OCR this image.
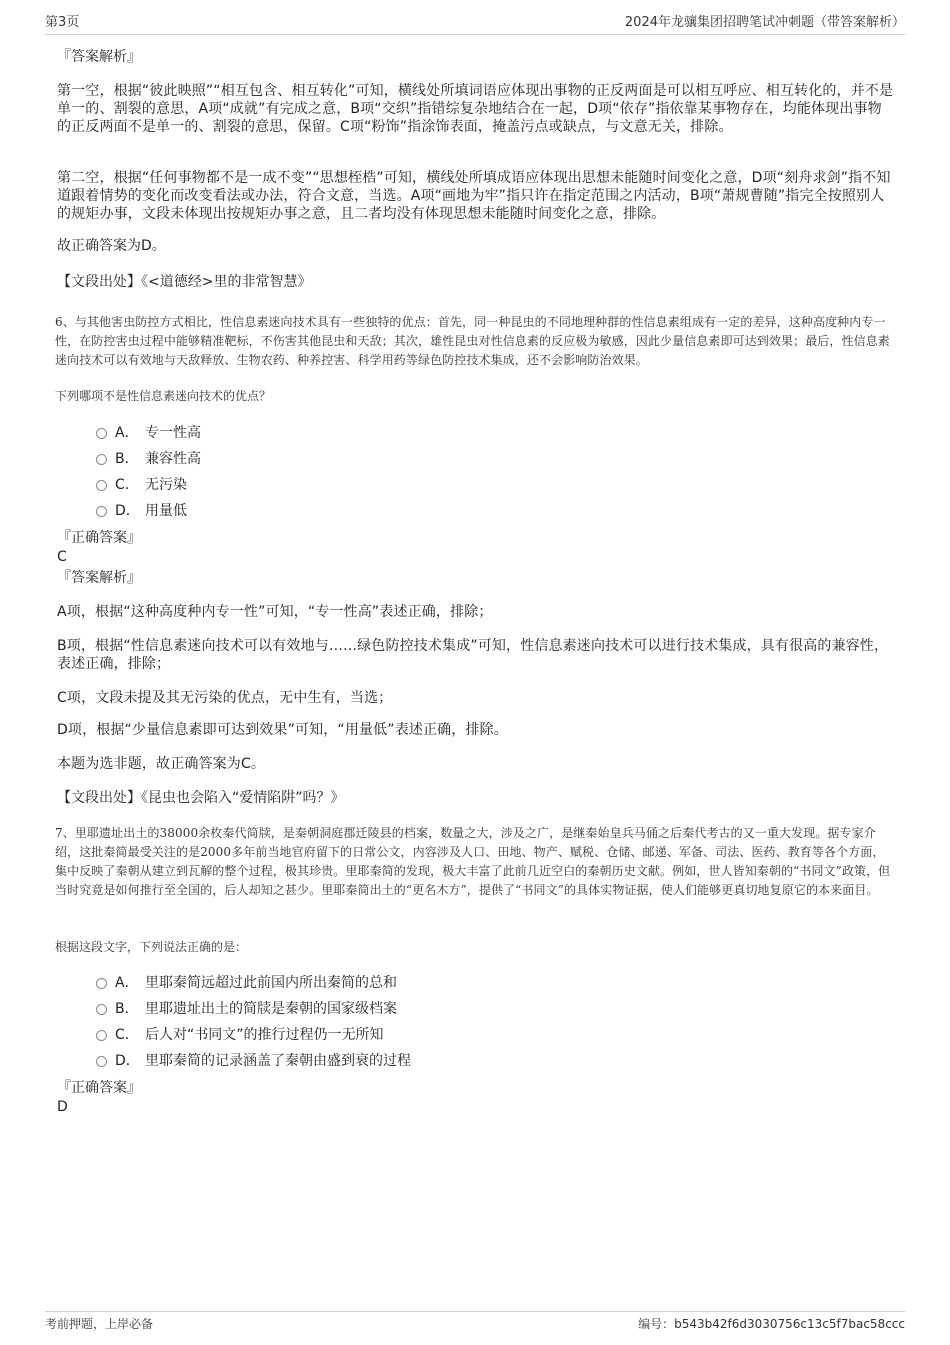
第3页	2024年龙骧集团招聘笔试冲刺题（带答案解析）
『答案解析』
第一空，根据“彼此映照”“相互包含、相互转化”可知，横线处所填词语应体现出事物的正反两面是可以相互呼应、相互转化的，并不是单一的、割裂的意思，A项“成就”有完成之意，B项“交织”指错综复杂地结合在一起，D项“依存”指依靠某事物存在，均能体现出事物的正反两面不是单一的、割裂的意思，保留。C项“粉饰”指涂饰表面，掩盖污点或缺点，与文意无关，排除。
第二空，根据“任何事物都不是一成不变”“思想桎梏”可知，横线处所填成语应体现出思想未能随时间变化之意，D项“刻舟求剑”指不知道跟着情势的变化而改变看法或办法，符合文意，当选。A项“画地为牢”指只许在指定范围之内活动，B项“萧规曹随”指完全按照别人的规矩办事，文段未体现出按规矩办事之意，且二者均没有体现思想未能随时间变化之意，排除。
故正确答案为D。
【文段出处】《<道德经>里的非常智慧》
6、与其他害虫防控方式相比，性信息素迷向技术具有一些独特的优点：首先，同一种昆虫的不同地理种群的性信息素组成有一定的差异，这种高度种内专一性，在防控害虫过程中能够精准靶标，不伤害其他昆虫和天敌；其次，雄性昆虫对性信息素的反应极为敏感，因此少量信息素即可达到效果；最后，性信息素迷向技术可以有效地与天敌释放、生物农药、种养控害、科学用药等绿色防控技术集成，还不会影响防治效果。
下列哪项不是性信息素迷向技术的优点？
A． 专一性高
B． 兼容性高
C． 无污染
D． 用量低
『正确答案』
C
『答案解析』
A项，根据“这种高度种内专一性”可知，“专一性高”表述正确，排除；
B项，根据“性信息素迷向技术可以有效地与……绿色防控技术集成”可知，性信息素迷向技术可以进行技术集成，具有很高的兼容性，表述正确，排除；
C项，文段未提及其无污染的优点，无中生有，当选；
D项，根据“少量信息素即可达到效果”可知，“用量低”表述正确，排除。
本题为选非题，故正确答案为C。
【文段出处】《昆虫也会陷入“爱情陷阱”吗？》
7、里耶遗址出土的38000余枚秦代简牍，是秦朝洞庭郡迁陵县的档案，数量之大，涉及之广，是继秦始皇兵马俑之后秦代考古的又一重大发现。据专家介绍，这批秦简最受关注的是2000多年前当地官府留下的日常公文，内容涉及人口、田地、物产、赋税、仓储、邮递、军备、司法、医药、教育等各个方面，集中反映了秦朝从建立到瓦解的整个过程，极其珍贵。里耶秦简的发现，极大丰富了此前几近空白的秦朝历史文献。例如，世人皆知秦朝的“书同文”政策，但当时究竟是如何推行至全国的，后人却知之甚少。里耶秦简出土的“更名木方”，提供了“书同文”的具体实物证据，使人们能够更真切地复原它的本来面目。
根据这段文字，下列说法正确的是：
A． 里耶秦简远超过此前国内所出秦简的总和
B． 里耶遗址出土的简牍是秦朝的国家级档案
C． 后人对“书同文”的推行过程仍一无所知
D． 里耶秦简的记录涵盖了秦朝由盛到衰的过程
『正确答案』
D
考前押题，上岸必备	编号：b543b42f6d3030756c13c5f7bac58ccc
